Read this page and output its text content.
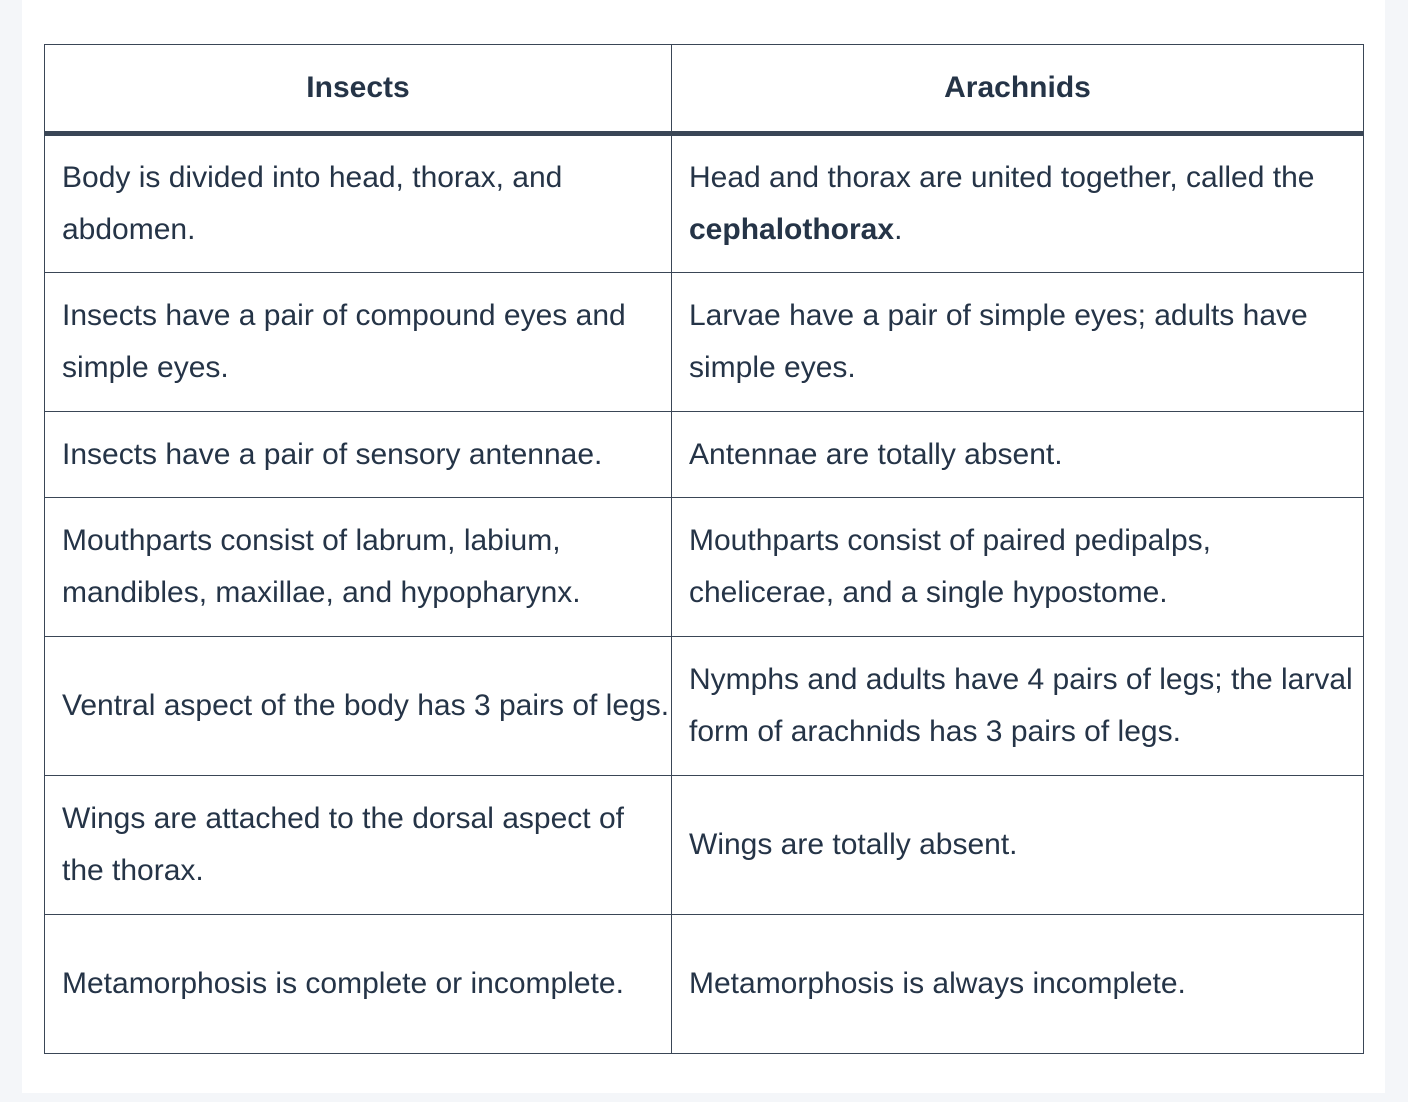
Insects	Arachnids
Body is divided into head, thorax, and abdomen.	Head and thorax are united together, called the cephalothorax.
Insects have a pair of compound eyes and simple eyes.	Larvae have a pair of simple eyes; adults have simple eyes.
Insects have a pair of sensory antennae.	Antennae are totally absent.
Mouthparts consist of labrum, labium, mandibles, maxillae, and hypopharynx.	Mouthparts consist of paired pedipalps, chelicerae, and a single hypostome.
Ventral aspect of the body has 3 pairs of legs.	Nymphs and adults have 4 pairs of legs; the larval form of arachnids has 3 pairs of legs.
Wings are attached to the dorsal aspect of the thorax.	Wings are totally absent.
Metamorphosis is complete or incomplete.	Metamorphosis is always incomplete.
